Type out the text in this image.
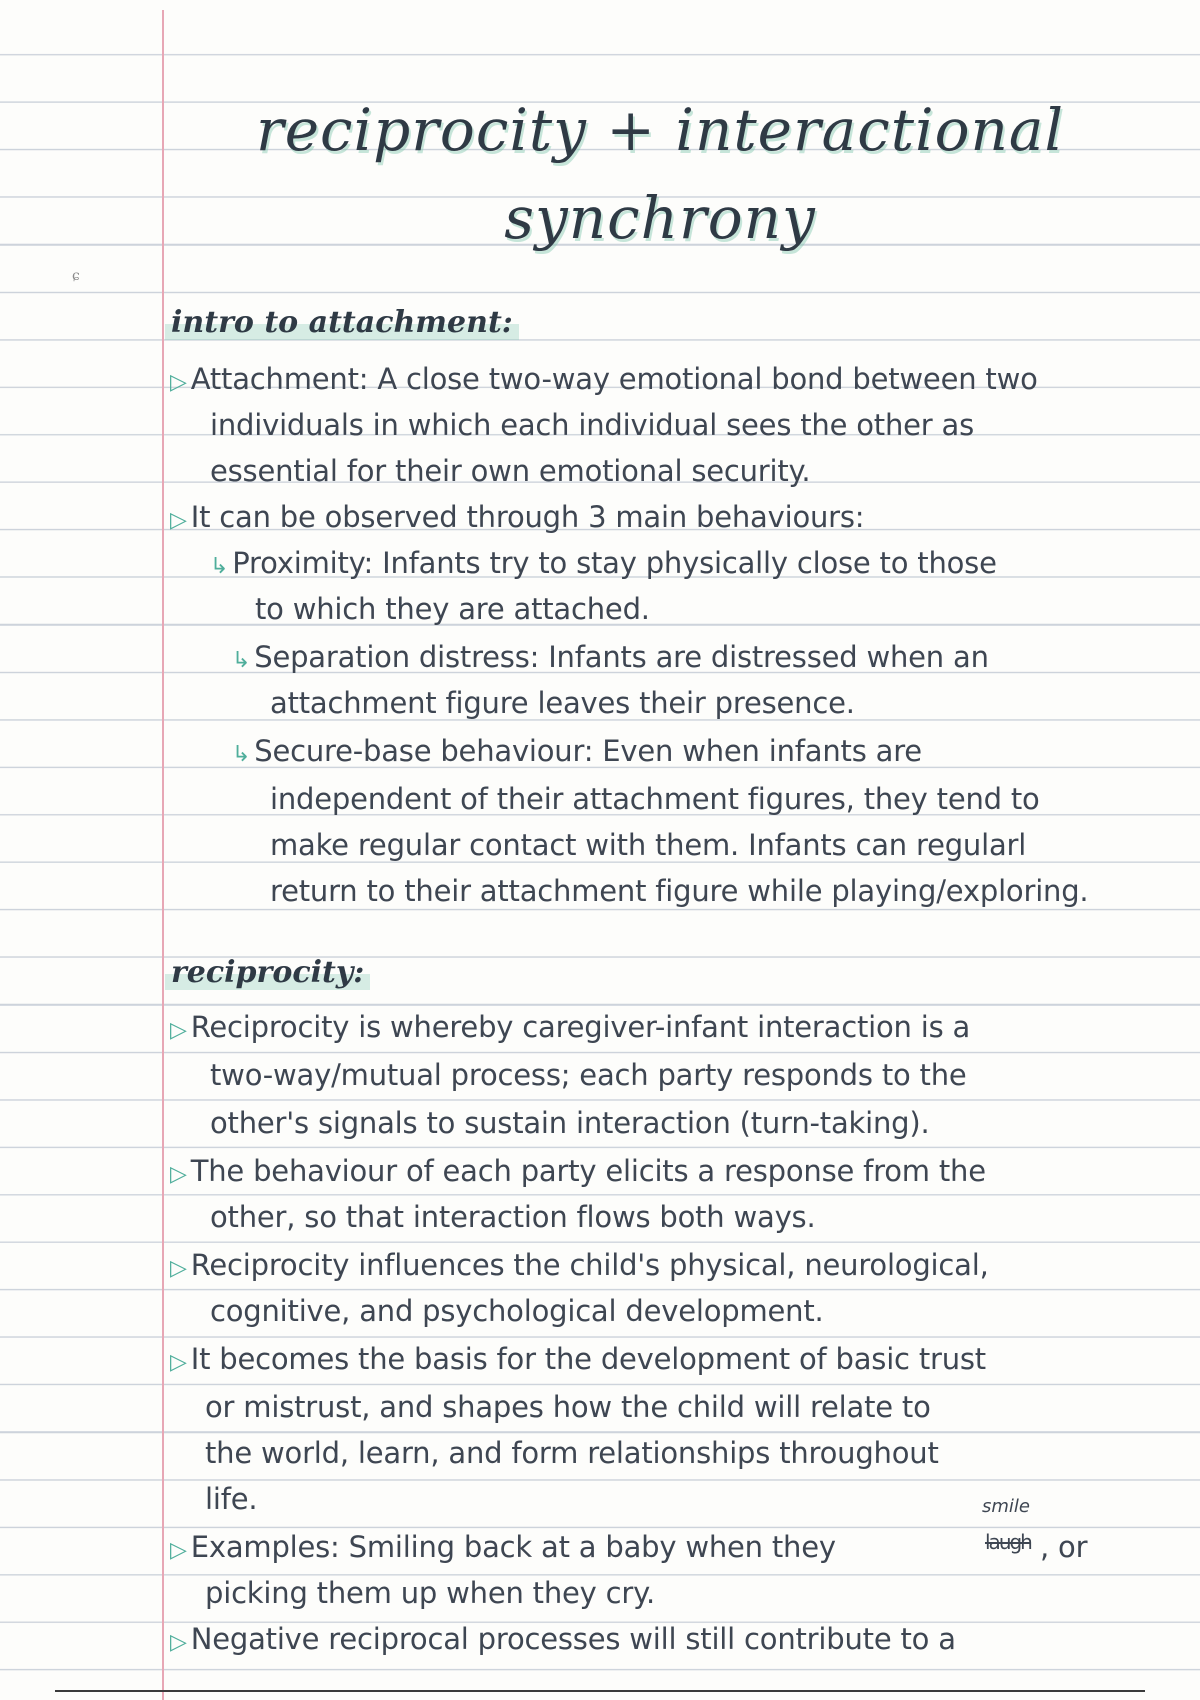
ɕ
reciprocity + interactional
synchrony
intro to attachment:
▷ Attachment: A close two-way emotional bond between two
individuals in which each individual sees the other as
essential for their own emotional security.
▷ It can be observed through 3 main behaviours:
↳ Proximity: Infants try to stay physically close to those
to which they are attached.
↳ Separation distress: Infants are distressed when an
attachment figure leaves their presence.
↳ Secure-base behaviour: Even when infants are
independent of their attachment figures, they tend to
make regular contact with them. Infants can regularl
return to their attachment figure while playing/exploring.
reciprocity:
▷ Reciprocity is whereby caregiver-infant interaction is a
two-way/mutual process; each party responds to the
other's signals to sustain interaction (turn-taking).
▷ The behaviour of each party elicits a response from the
other, so that interaction flows both ways.
▷ Reciprocity influences the child's physical, neurological,
cognitive, and psychological development.
▷ It becomes the basis for the development of basic trust
or mistrust, and shapes how the child will relate to
the world, learn, and form relationships throughout
life.
▷ Examples: Smiling back at a baby when they
smile
laugh , or
picking them up when they cry.
▷ Negative reciprocal processes will still contribute to a
